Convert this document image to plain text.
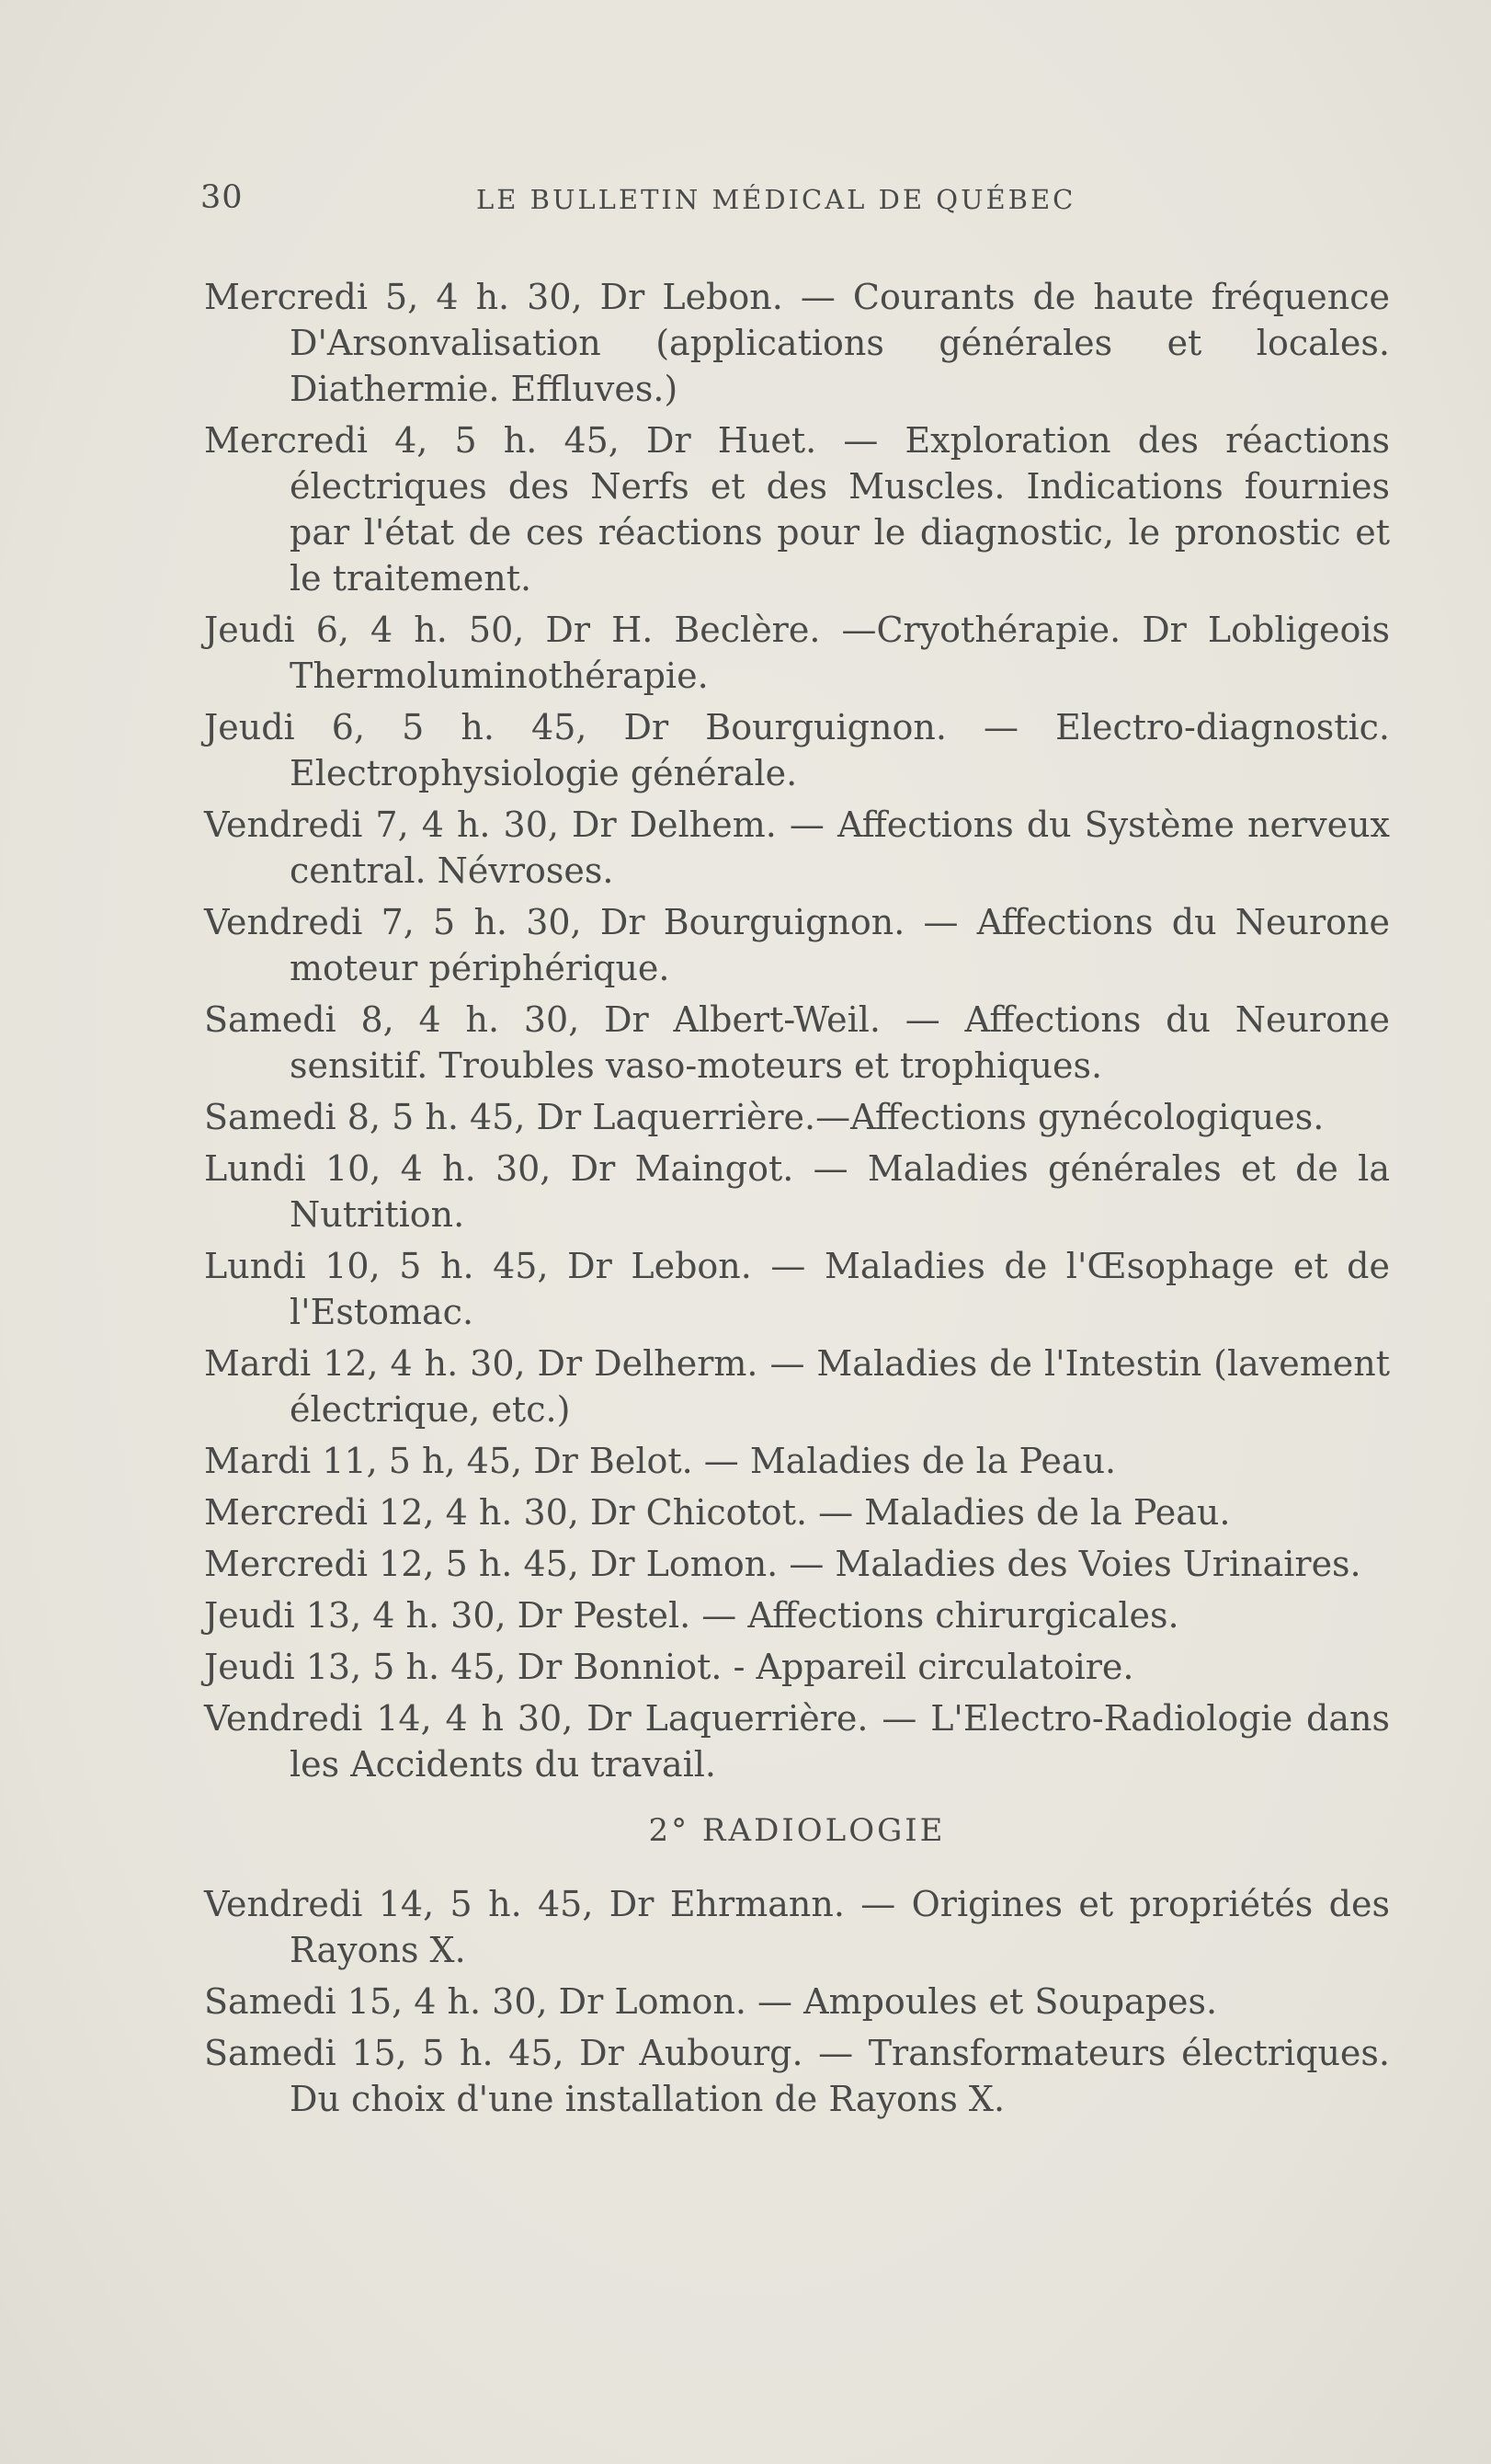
30	LE BULLETIN MÉDICAL DE QUÉBEC

Mercredi 5, 4 h. 30, Dr Lebon. — Courants de haute fréquence D'Arsonvalisation (applications générales et locales. Diathermie. Effluves.)

Mercredi 4, 5 h. 45, Dr Huet. — Exploration des réactions électriques des Nerfs et des Muscles. Indications fournies par l'état de ces réactions pour le diagnostic, le pronostic et le traitement.

Jeudi 6, 4 h. 50, Dr H. Beclère. —Cryothérapie. Dr Lobligeois Thermoluminothérapie.

Jeudi 6, 5 h. 45, Dr Bourguignon. — Electro-diagnostic. Electrophysiologie générale.

Vendredi 7, 4 h. 30, Dr Delhem. — Affections du Système nerveux central. Névroses.

Vendredi 7, 5 h. 30, Dr Bourguignon. — Affections du Neurone moteur périphérique.

Samedi 8, 4 h. 30, Dr Albert-Weil. — Affections du Neurone sensitif. Troubles vaso-moteurs et trophiques.

Samedi 8, 5 h. 45, Dr Laquerrière.—Affections gynécologiques.

Lundi 10, 4 h. 30, Dr Maingot. — Maladies générales et de la Nutrition.

Lundi 10, 5 h. 45, Dr Lebon. — Maladies de l'Œsophage et de l'Estomac.

Mardi 12, 4 h. 30, Dr Delherm. — Maladies de l'Intestin (lavement électrique, etc.)

Mardi 11, 5 h, 45, Dr Belot. — Maladies de la Peau.

Mercredi 12, 4 h. 30, Dr Chicotot. — Maladies de la Peau.

Mercredi 12, 5 h. 45, Dr Lomon. — Maladies des Voies Urinaires.

Jeudi 13, 4 h. 30, Dr Pestel. — Affections chirurgicales.

Jeudi 13, 5 h. 45, Dr Bonniot. - Appareil circulatoire.

Vendredi 14, 4 h 30, Dr Laquerrière. — L'Electro-Radiologie dans les Accidents du travail.

2° RADIOLOGIE

Vendredi 14, 5 h. 45, Dr Ehrmann. — Origines et propriétés des Rayons X.

Samedi 15, 4 h. 30, Dr Lomon. — Ampoules et Soupapes.

Samedi 15, 5 h. 45, Dr Aubourg. — Transformateurs électriques. Du choix d'une installation de Rayons X.
